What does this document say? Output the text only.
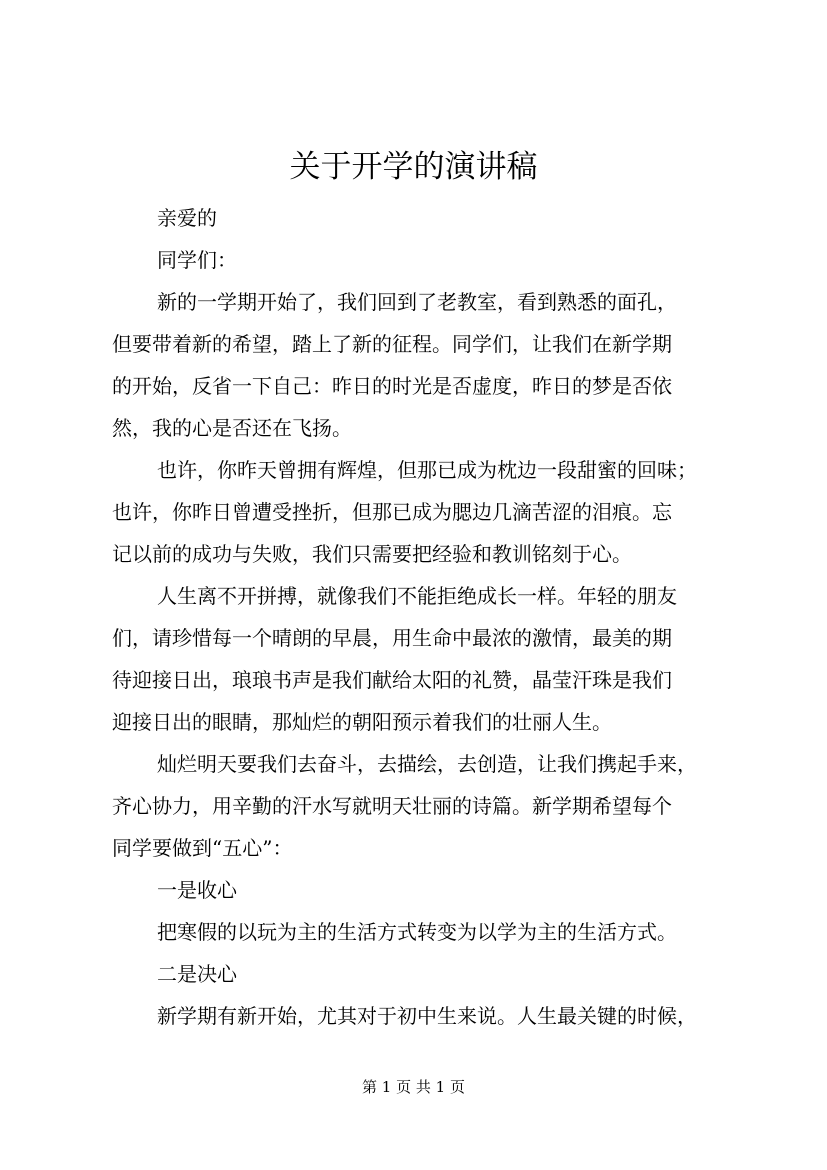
关于开学的演讲稿

亲爱的

同学们：

新的一学期开始了，我们回到了老教室，看到熟悉的面孔，

但要带着新的希望，踏上了新的征程。同学们，让我们在新学期

的开始，反省一下自己：昨日的时光是否虚度，昨日的梦是否依

然，我的心是否还在飞扬。

也许，你昨天曾拥有辉煌，但那已成为枕边一段甜蜜的回味；

也许，你昨日曾遭受挫折，但那已成为腮边几滴苦涩的泪痕。忘

记以前的成功与失败，我们只需要把经验和教训铭刻于心。

人生离不开拼搏，就像我们不能拒绝成长一样。年轻的朋友

们，请珍惜每一个晴朗的早晨，用生命中最浓的激情，最美的期

待迎接日出，琅琅书声是我们献给太阳的礼赞，晶莹汗珠是我们

迎接日出的眼睛，那灿烂的朝阳预示着我们的壮丽人生。

灿烂明天要我们去奋斗，去描绘，去创造，让我们携起手来，

齐心协力，用辛勤的汗水写就明天壮丽的诗篇。新学期希望每个

同学要做到“五心”：

一是收心

把寒假的以玩为主的生活方式转变为以学为主的生活方式。

二是决心

新学期有新开始，尤其对于初中生来说。人生最关键的时候，

第 1 页 共 1 页
